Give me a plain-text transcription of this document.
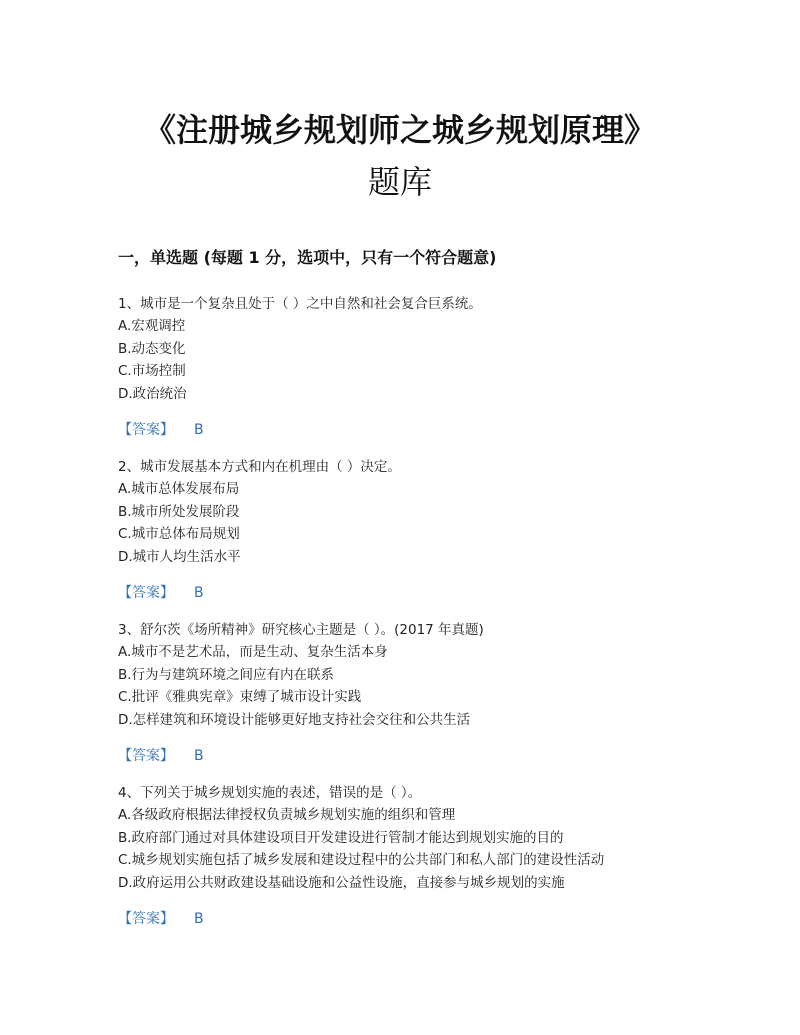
《注册城乡规划师之城乡规划原理》
题库
一，单选题 (每题 1 分，选项中，只有一个符合题意)
1、城市是一个复杂且处于（ ）之中自然和社会复合巨系统。
A.宏观调控
B.动态变化
C.市场控制
D.政治统治
【答案】 B
2、城市发展基本方式和内在机理由（ ）决定。
A.城市总体发展布局
B.城市所处发展阶段
C.城市总体布局规划
D.城市人均生活水平
【答案】 B
3、舒尔茨《场所精神》研究核心主题是（ ）。(2017 年真题)
A.城市不是艺术品，而是生动、复杂生活本身
B.行为与建筑环境之间应有内在联系
C.批评《雅典宪章》束缚了城市设计实践
D.怎样建筑和环境设计能够更好地支持社会交往和公共生活
【答案】 B
4、下列关于城乡规划实施的表述，错误的是（ ）。
A.各级政府根据法律授权负责城乡规划实施的组织和管理
B.政府部门通过对具体建设项目开发建设进行管制才能达到规划实施的目的
C.城乡规划实施包括了城乡发展和建设过程中的公共部门和私人部门的建设性活动
D.政府运用公共财政建设基础设施和公益性设施，直接参与城乡规划的实施
【答案】 B
